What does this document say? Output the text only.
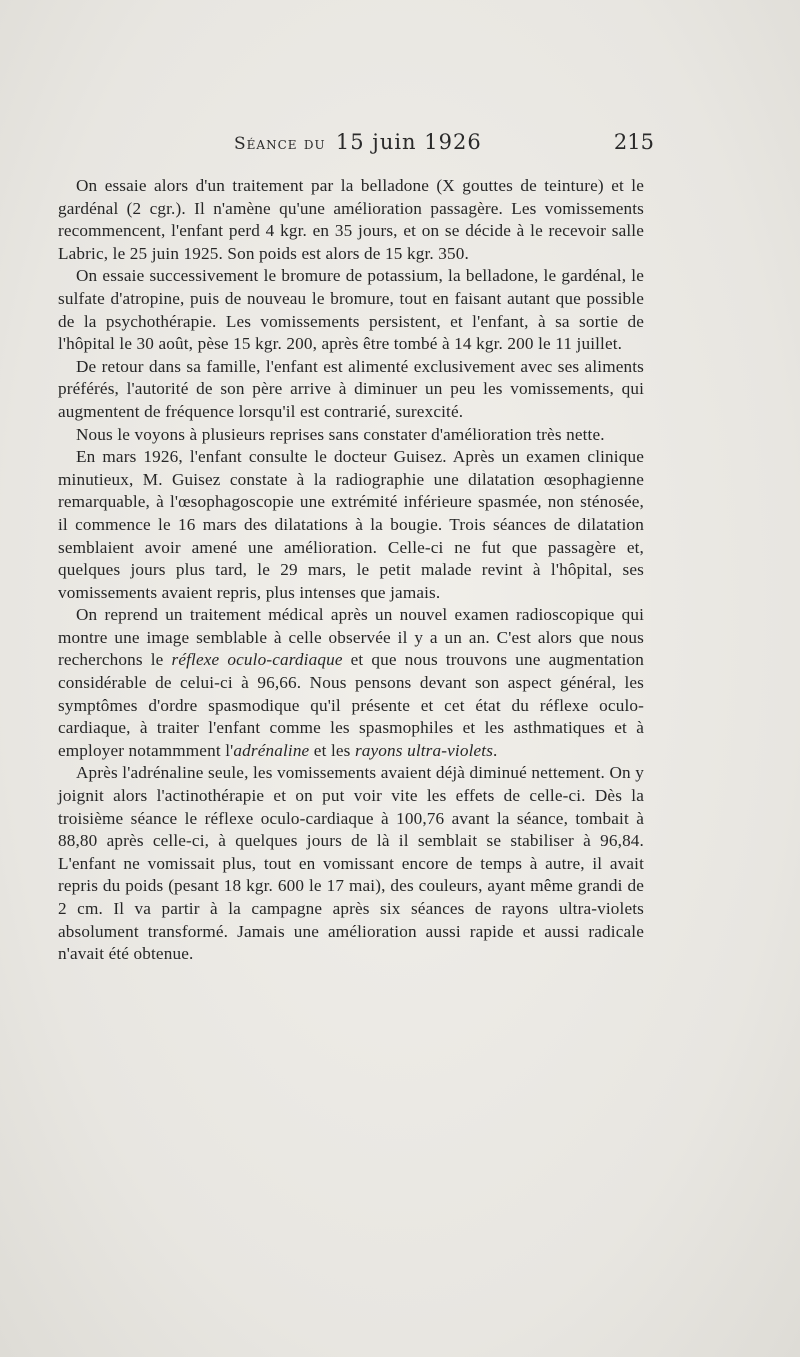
Séance du 15 juin 1926	215

On essaie alors d'un traitement par la belladone (X gouttes de teinture) et le gardénal (2 cgr.). Il n'amène qu'une amélioration passagère. Les vomissements recommencent, l'enfant perd 4 kgr. en 35 jours, et on se décide à le recevoir salle Labric, le 25 juin 1925. Son poids est alors de 15 kgr. 350.

On essaie successivement le bromure de potassium, la belladone, le gardénal, le sulfate d'atropine, puis de nouveau le bromure, tout en faisant autant que possible de la psychothérapie. Les vomissements persistent, et l'enfant, à sa sortie de l'hôpital le 30 août, pèse 15 kgr. 200, après être tombé à 14 kgr. 200 le 11 juillet.

De retour dans sa famille, l'enfant est alimenté exclusivement avec ses aliments préférés, l'autorité de son père arrive à diminuer un peu les vomissements, qui augmentent de fréquence lorsqu'il est contrarié, surexcité.

Nous le voyons à plusieurs reprises sans constater d'amélioration très nette.

En mars 1926, l'enfant consulte le docteur Guisez. Après un examen clinique minutieux, M. Guisez constate à la radiographie une dilatation œsophagienne remarquable, à l'œsophagoscopie une extrémité inférieure spasmée, non sténosée, il commence le 16 mars des dilatations à la bougie. Trois séances de dilatation semblaient avoir amené une amélioration. Celle-ci ne fut que passagère et, quelques jours plus tard, le 29 mars, le petit malade revint à l'hôpital, ses vomissements avaient repris, plus intenses que jamais.

On reprend un traitement médical après un nouvel examen radioscopique qui montre une image semblable à celle observée il y a un an. C'est alors que nous recherchons le réflexe oculo-cardiaque et que nous trouvons une augmentation considérable de celui-ci à 96,66. Nous pensons devant son aspect général, les symptômes d'ordre spasmodique qu'il présente et cet état du réflexe oculo-cardiaque, à traiter l'enfant comme les spasmophiles et les asthmatiques et à employer notammment l'adrénaline et les rayons ultra-violets.

Après l'adrénaline seule, les vomissements avaient déjà diminué nettement. On y joignit alors l'actinothérapie et on put voir vite les effets de celle-ci. Dès la troisième séance le réflexe oculo-cardiaque à 100,76 avant la séance, tombait à 88,80 après celle-ci, à quelques jours de là il semblait se stabiliser à 96,84. L'enfant ne vomissait plus, tout en vomissant encore de temps à autre, il avait repris du poids (pesant 18 kgr. 600 le 17 mai), des couleurs, ayant même grandi de 2 cm. Il va partir à la campagne après six séances de rayons ultra-violets absolument transformé. Jamais une amélioration aussi rapide et aussi radicale n'avait été obtenue.
